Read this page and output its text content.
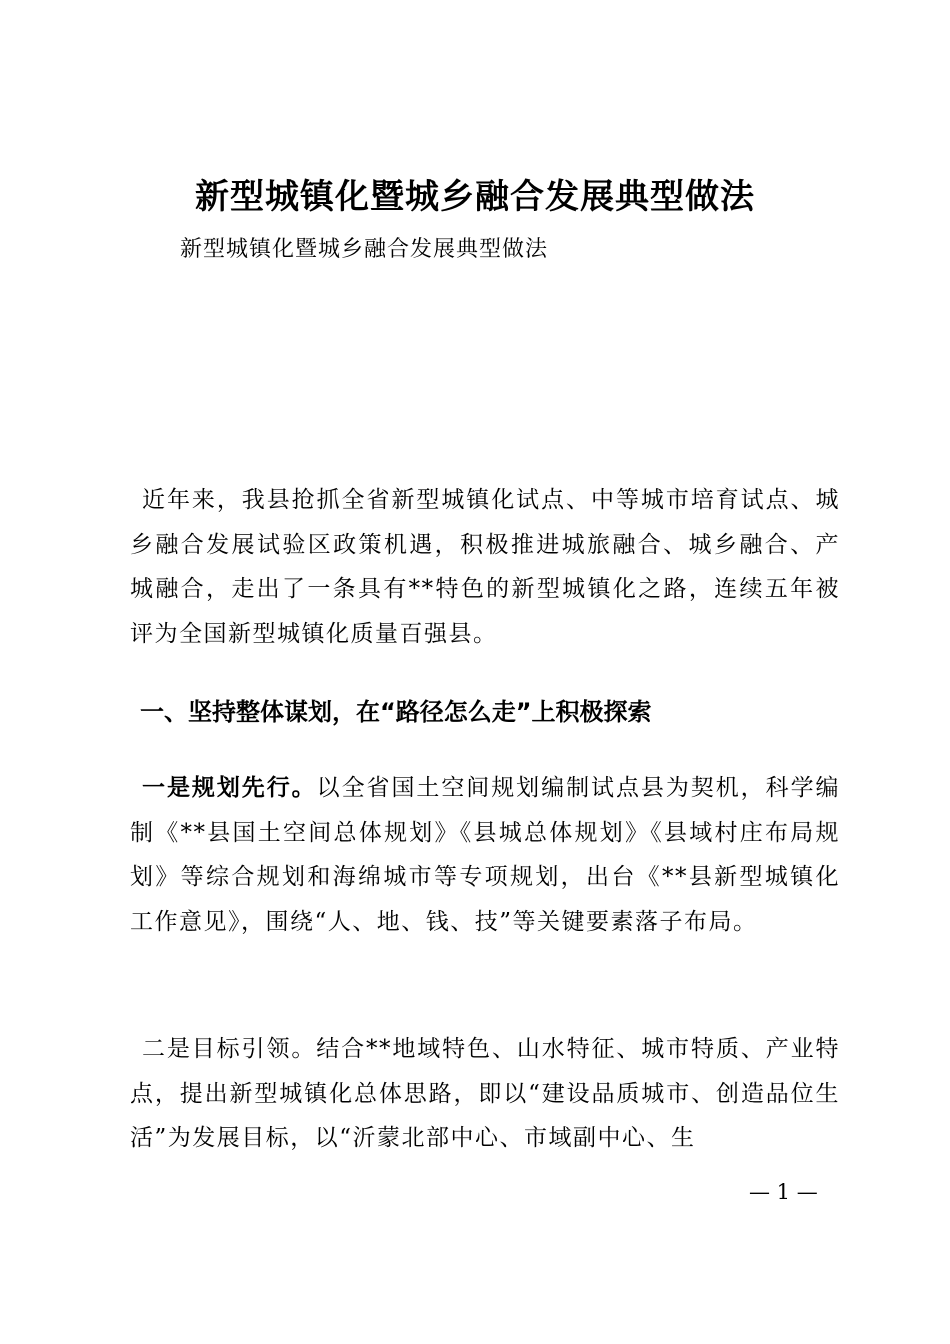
新型城镇化暨城乡融合发展典型做法
新型城镇化暨城乡融合发展典型做法
近年来，我县抢抓全省新型城镇化试点、中等城市培育试点、城乡融合发展试验区政策机遇，积极推进城旅融合、城乡融合、产城融合，走出了一条具有**特色的新型城镇化之路，连续五年被评为全国新型城镇化质量百强县。
一、坚持整体谋划，在“路径怎么走”上积极探索
一是规划先行。以全省国土空间规划编制试点县为契机，科学编制《**县国土空间总体规划》《县城总体规划》《县域村庄布局规划》等综合规划和海绵城市等专项规划，出台《**县新型城镇化工作意见》，围绕“人、地、钱、技”等关键要素落子布局。
二是目标引领。结合**地域特色、山水特征、城市特质、产业特点，提出新型城镇化总体思路，即以“建设品质城市、创造品位生活”为发展目标，以“沂蒙北部中心、市域副中心、生
— 1 —
